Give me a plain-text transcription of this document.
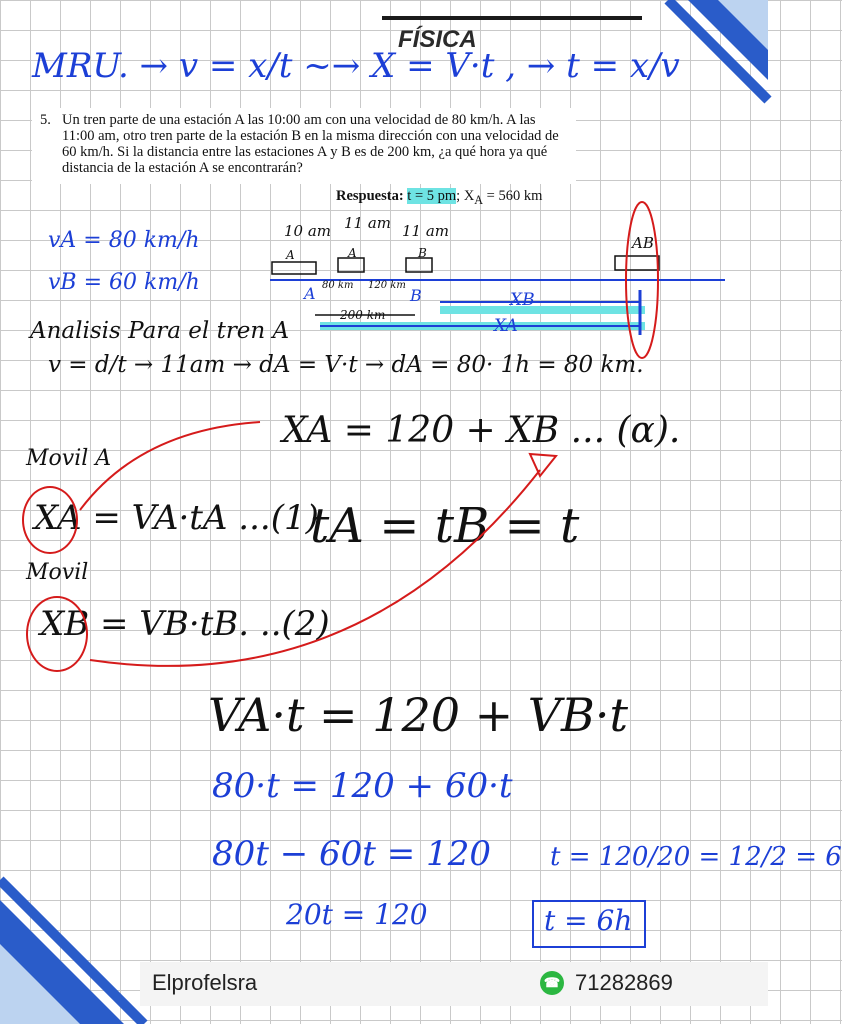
FÍSICA
MRU. → v = x/t ~→ X = V·t , → t = x/v
5. Un tren parte de una estación A las 10:00 am con una velocidad de 80 km/h. A las 11:00 am, otro tren parte de la estación B en la misma dirección con una velocidad de 60 km/h. Si la distancia entre las estaciones A y B es de 200 km, ¿a qué hora ya qué distancia de la estación A se encontrarán?
Respuesta: t = 5 pm; $X_A = 560$ km
vA = 80 km/h
vB = 60 km/h
10 am 11 am 11 am
A	A	B
AB
A	B
80 km 120 km
200 km
XB
XA
Analisis Para el tren A
v = d/t → 11am → dA = V·t → dA = 80· 1h = 80 km.
XA = 120 + XB ... (α).
Movil A
XA = VA·tA ...(1)
Movil
XB = VB·tB. ..(2)
tA = tB = t
VA·t = 120 + VB·t
80·t = 120 + 60·t
80t − 60t = 120
20t = 120
t = 120/20 = 12/2 = 6
t = 6h
Elprofelsra	☎ 71282869
